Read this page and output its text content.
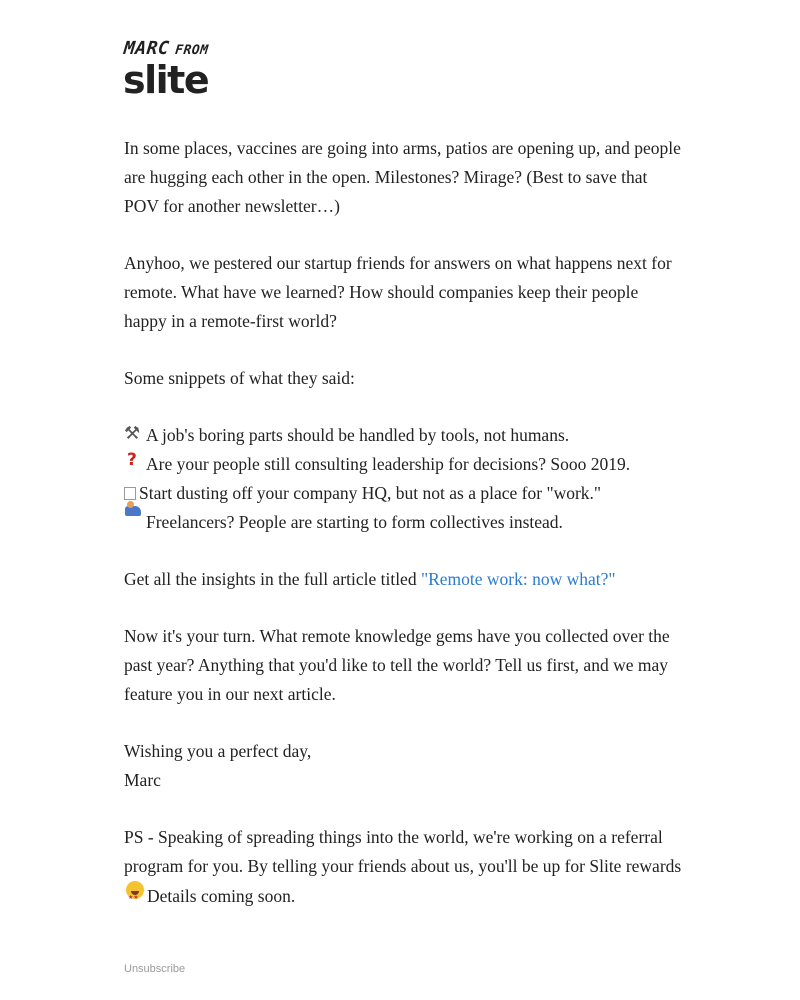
MARC FROM
slite

In some places, vaccines are going into arms, patios are opening up, and people are hugging each other in the open. Milestones? Mirage? (Best to save that POV for another newsletter…)

Anyhoo, we pestered our startup friends for answers on what happens next for remote. What have we learned? How should companies keep their people happy in a remote-first world?

Some snippets of what they said:

⚒A job's boring parts should be handled by tools, not humans.
?Are your people still consulting leadership for decisions? Sooo 2019.
Start dusting off your company HQ, but not as a place for "work."
Freelancers? People are starting to form collectives instead.

Get all the insights in the full article titled "Remote work: now what?"

Now it's your turn. What remote knowledge gems have you collected over the past year? Anything that you'd like to tell the world? Tell us first, and we may feature you in our next article.

Wishing you a perfect day,
Marc

PS - Speaking of spreading things into the world, we're working on a referral program for you. By telling your friends about us, you'll be up for Slite rewards ★ ★Details coming soon.

Unsubscribe
